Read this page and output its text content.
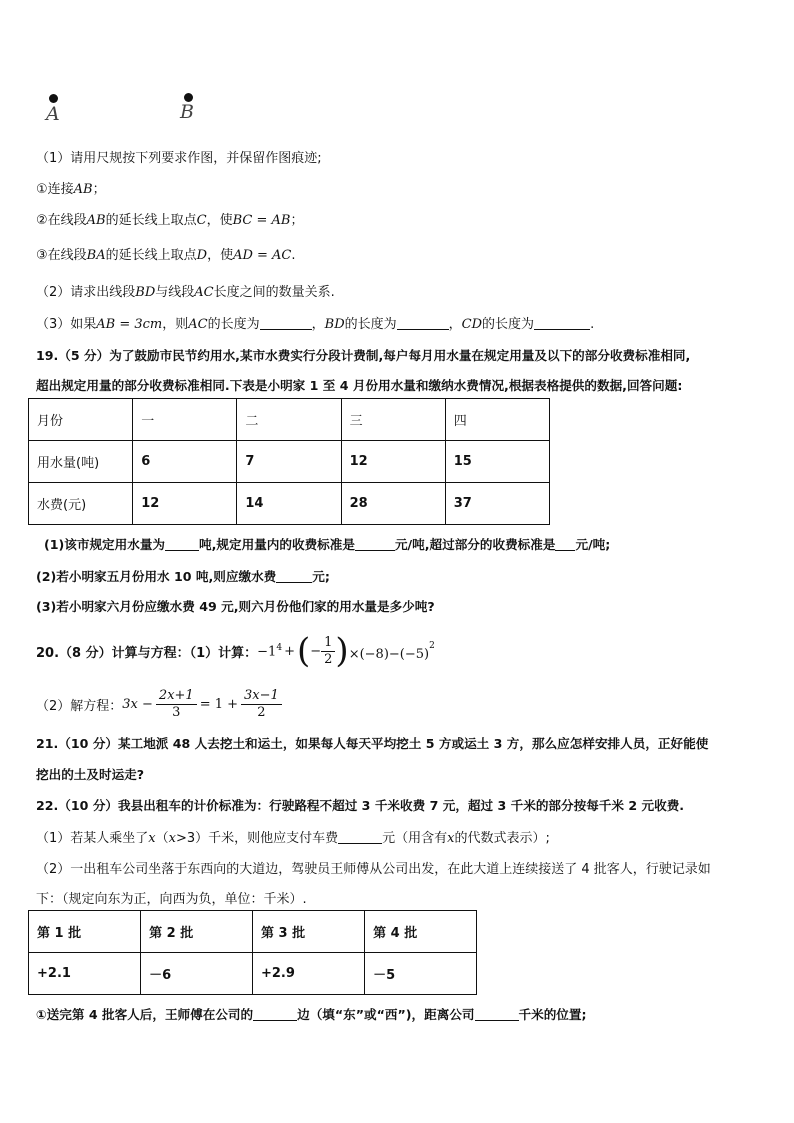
A	B
（1）请用尺规按下列要求作图，并保留作图痕迹;
①连接AB；
②在线段AB的延长线上取点C，使BC = AB；
③在线段BA的延长线上取点D，使AD = AC.
（2）请求出线段BD与线段AC长度之间的数量关系.
（3）如果AB = 3cm，则AC的长度为	，BD的长度为	，CD的长度为	.
19.（5 分）为了鼓励市民节约用水,某市水费实行分段计费制,每户每月用水量在规定用量及以下的部分收费标准相同,
超出规定用量的部分收费标准相同.下表是小明家 1 至 4 月份用水量和缴纳水费情况,根据表格提供的数据,回答问题:
月份	一	二	三	四
用水量(吨)	6	7	12	15
水费(元)	12	14	28	37
(1)该市规定用水量为	吨,规定用量内的收费标准是	元/吨,超过部分的收费标准是 元/吨;
(2)若小明家五月份用水 10 吨,则应缴水费	元;
(3)若小明家六月份应缴水费 49 元,则六月份他们家的用水量是多少吨?
20.（8 分）计算与方程：（1）计算： $-1^4$ + ( − $\frac{1}{2}$ ) $\times(-8)-(-5)^2$
（2）解方程： $3x - \frac{2x+1}{3} = 1 + \frac{3x-1}{2}$
21.（10 分）某工地派 48 人去挖土和运土，如果每人每天平均挖土 5 方或运土 3 方，那么应怎样安排人员，正好能使
挖出的土及时运走?
22.（10 分）我县出租车的计价标准为：行驶路程不超过 3 千米收费 7 元，超过 3 千米的部分按每千米 2 元收费.
（1）若某人乘坐了x（x>3）千米，则他应支付车费	元（用含有x的代数式表示）;
（2）一出租车公司坐落于东西向的大道边，驾驶员王师傅从公司出发，在此大道上连续接送了 4 批客人，行驶记录如
下：（规定向东为正，向西为负，单位：千米）.
第 1 批	第 2 批	第 3 批	第 4 批
+2.1	－6	+2.9	－5
①送完第 4 批客人后，王师傅在公司的	边（填“东”或“西”)，距离公司	千米的位置;
